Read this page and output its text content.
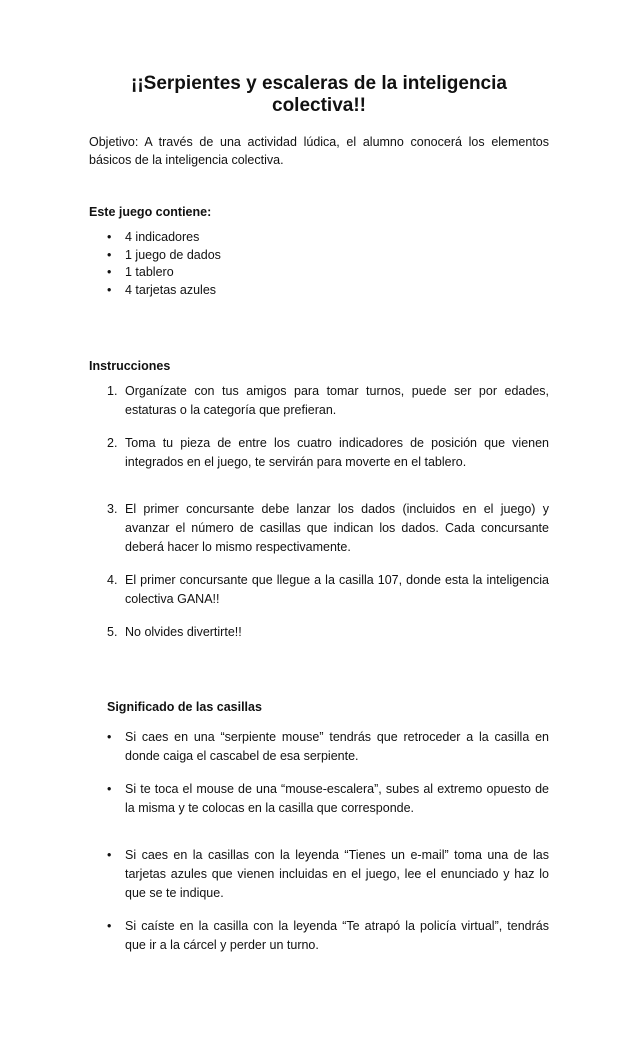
¡¡Serpientes y escaleras de la inteligencia colectiva!!

Objetivo: A través de una actividad lúdica, el alumno conocerá los elementos básicos de la inteligencia colectiva.

Este juego contiene:

• 4 indicadores
• 1 juego de dados
• 1 tablero
• 4 tarjetas azules

Instrucciones

1. Organízate con tus amigos para tomar turnos, puede ser por edades, estaturas o la categoría que prefieran.
2. Toma tu pieza de entre los cuatro indicadores de posición que vienen integrados en el juego, te servirán para moverte en el tablero.
3. El primer concursante debe lanzar los dados (incluidos en el juego) y avanzar el número de casillas que indican los dados. Cada concursante deberá hacer lo mismo respectivamente.
4. El primer concursante que llegue a la casilla 107, donde esta la inteligencia colectiva GANA!!
5. No olvides divertirte!!

Significado de las casillas

• Si caes en una “serpiente mouse” tendrás que retroceder a la casilla en donde caiga el cascabel de esa serpiente.
• Si te toca el mouse de una “mouse-escalera”, subes al extremo opuesto de la misma y te colocas en la casilla que corresponde.
• Si caes en la casillas con la leyenda “Tienes un e-mail” toma una de las tarjetas azules que vienen incluidas en el juego, lee el enunciado y haz lo que se te indique.
• Si caíste en la casilla con la leyenda “Te atrapó la policía virtual”, tendrás que ir a la cárcel y perder un turno.
